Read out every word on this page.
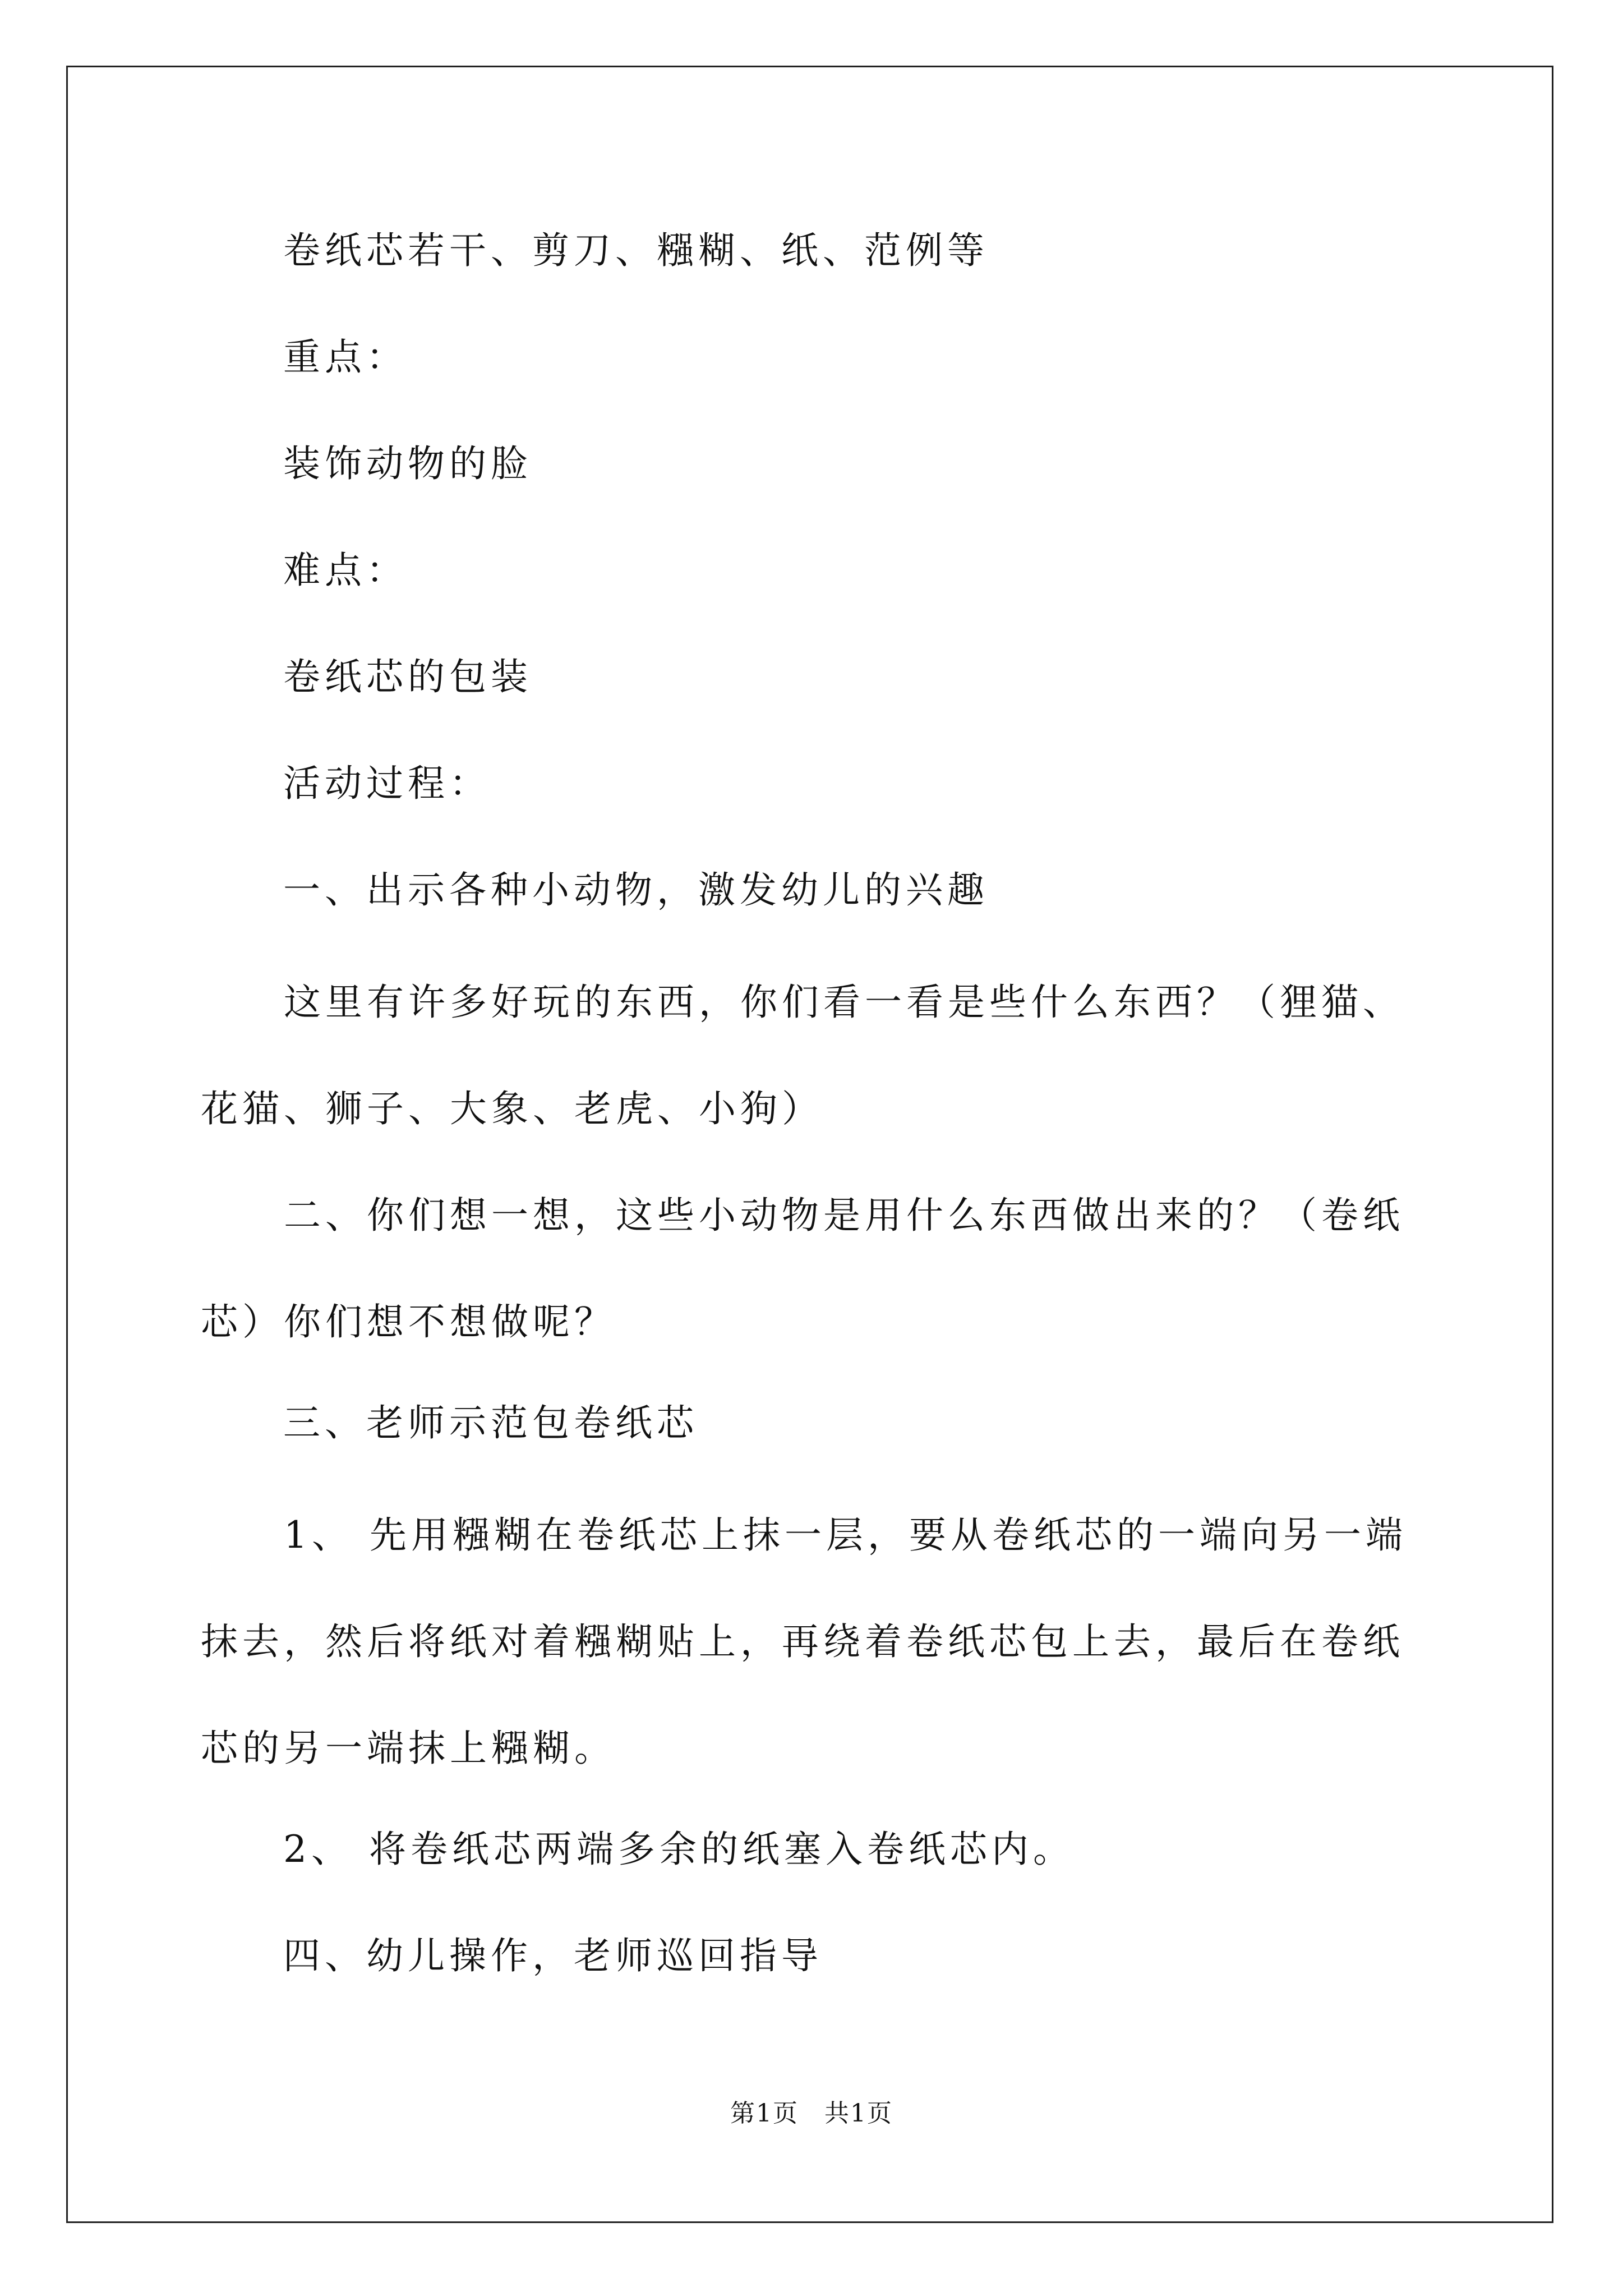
卷纸芯若干、剪刀、糨糊、纸、范例等
重点：
装饰动物的脸
难点：
卷纸芯的包装
活动过程：
一、出示各种小动物，激发幼儿的兴趣
这里有许多好玩的东西，你们看一看是些什么东西？（狸猫、花猫、狮子、大象、老虎、小狗）
二、你们想一想，这些小动物是用什么东西做出来的？（卷纸芯）你们想不想做呢？
三、老师示范包卷纸芯
1、 先用糨糊在卷纸芯上抹一层，要从卷纸芯的一端向另一端抹去，然后将纸对着糨糊贴上，再绕着卷纸芯包上去，最后在卷纸芯的另一端抹上糨糊。
2、 将卷纸芯两端多余的纸塞入卷纸芯内。
四、幼儿操作，老师巡回指导
第1页　共1页
